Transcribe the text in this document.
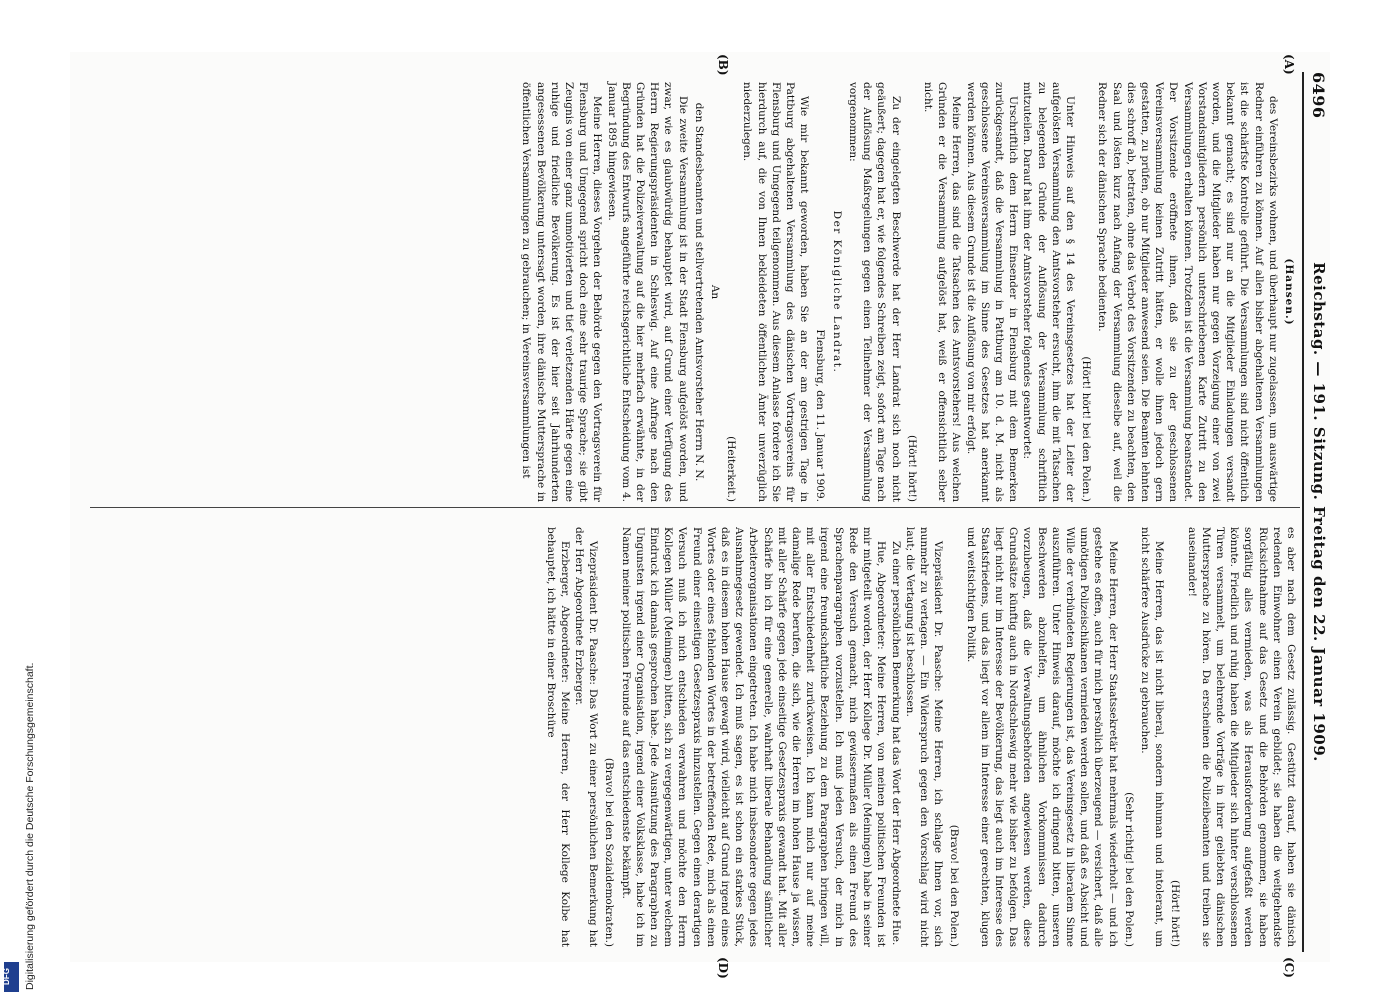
6496
Reichstag. — 191. Sitzung. Freitag den 22. Januar 1909.
(A)
(B)
(C)
(D)

(Hansen.)

des Vereinsbezirks wohnen, und überhaupt nur zugelassen, um auswärtige Redner einführen zu können. Auf allen bisher abgehaltenen Versammlungen ist die schärfste Kontrolle geführt. Die Versammlungen sind nicht öffentlich bekannt gemacht; es sind nur an die Mitglieder Einladungen versandt worden, und die Mitglieder haben nur gegen Vorzeigung einer von zwei Vorstandsmitgliedern persönlich unterschriebenen Karte Zutritt zu den Versammlungen erhalten können. Trotzdem ist die Versammlung beanstandet. Der Vorsitzende eröffnete ihnen, daß sie zu der geschlossenen Vereinsversammlung keinen Zutritt hätten, er wolle ihnen jedoch gern gestatten, zu prüfen, ob nur Mitglieder anwesend seien. Die Beamten lehnten dies schroff ab, betraten, ohne das Verbot des Vorsitzenden zu beachten, den Saal und lösten kurz nach Anfang der Versammlung dieselbe auf, weil die Redner sich der dänischen Sprache bedienten.

(Hört! hört! bei den Polen.)

Unter Hinweis auf den § 14 des Vereinsgesetzes hat der Leiter der aufgelösten Versammlung den Amtsvorsteher ersucht, ihm die mit Tatsachen zu belegenden Gründe der Auflösung der Versammlung schriftlich mitzuteilen. Darauf hat ihm der Amtsvorsteher folgendes geantwortet:

Urschriftlich dem Herrn Einsender in Flensburg mit dem Bemerken zurückgesandt, daß die Versammlung in Pattburg am 10. d. M. nicht als geschlossene Vereinsversammlung im Sinne des Gesetzes hat anerkannt werden können. Aus diesem Grunde ist die Auflösung von mir erfolgt.

Meine Herren, das sind die Tatsachen des Amtsvorstehers! Aus welchen Gründen er die Versammlung aufgelöst hat, weiß er offensichtlich selber nicht.

(Hört! hört!)

Zu der eingelegten Beschwerde hat der Herr Landrat sich noch nicht geäußert; dagegen hat er, wie folgendes Schreiben zeigt, sofort am Tage nach der Auflösung Maßregelungen gegen einen Teilnehmer der Versammlung vorgenommen:

Der Königliche Landrat.

Flensburg, den 11. Januar 1909.

Wie mir bekannt geworden, haben Sie an der am gestrigen Tage in Pattburg abgehaltenen Versammlung des dänischen Vortragsvereins für Flensburg und Umgegend teilgenommen. Aus diesem Anlasse fordere ich Sie hierdurch auf, die von Ihnen bekleideten öffentlichen Ämter unverzüglich niederzulegen.

(Heiterkeit.)

An

den Standesbeamten und stellvertretenden Amtsvorsteher Herrn N. N.

Die zweite Versammlung ist in der Stadt Flensburg aufgelöst worden, und zwar, wie es glaubwürdig behauptet wird, auf Grund einer Verfügung des Herrn Regierungspräsidenten in Schleswig. Auf eine Anfrage nach den Gründen hat die Polizeiverwaltung auf die hier mehrfach erwähnte, in der Begründung des Entwurfs angeführte reichsgerichtliche Entscheidung vom 4. Januar 1895 hingewiesen.

Meine Herren, dieses Vorgehen der Behörde gegen den Vortragsverein für Flensburg und Umgegend spricht doch eine sehr traurige Sprache; sie gibt Zeugnis von einer ganz unmotivierten und tief verletzenden Härte gegen eine ruhige und friedliche Bevölkerung. Es ist der hier seit Jahrhunderten angesessenen Bevölkerung untersagt worden, ihre dänische Muttersprache in öffentlichen Versammlungen zu gebrauchen; in Vereinsversammlungen ist

es aber nach dem Gesetz zulässig. Gestützt darauf, haben sie dänisch redenden Einwohner einen Verein gebildet; sie haben die weitgehendste Rücksichtnahme auf das Gesetz und die Behörden genommen, sie haben sorgfältig alles vermieden, was als Herausforderung aufgefaßt werden könnte. Friedlich und ruhig haben die Mitglieder sich hinter verschlossenen Türen versammelt, um belehrende Vorträge in ihrer geliebten dänischen Muttersprache zu hören. Da erscheinen die Polizeibeamten und treiben sie auseinander!

(Hört! hört!)

Meine Herren, das ist nicht liberal, sondern inhuman und intolerant, um nicht schärfere Ausdrücke zu gebrauchen.

(Sehr richtig! bei den Polen.)

Meine Herren, der Herr Staatssekretär hat mehrmals wiederholt — und ich gestehe es offen, auch für mich persönlich überzeugend — versichert, daß alle unnötigen Polizeischikanen vermieden werden sollen, und daß es Absicht und Wille der verbündeten Regierungen ist, das Vereinsgesetz in liberalem Sinne auszuführen. Unter Hinweis darauf, möchte ich dringend bitten, unseren Beschwerden abzuhelfen, um ähnlichen Vorkommnissen dadurch vorzubeugen, daß die Verwaltungsbehörden angewiesen werden, diese Grundsätze künftig auch in Nordschleswig mehr wie bisher zu befolgen. Das liegt nicht nur im Interesse der Bevölkerung, das liegt auch im Interesse des Staatsfriedens, und das liegt vor allem im Interesse einer gerechten, klugen und weitsichtigen Politik.

(Bravo! bei den Polen.)

Vizepräsident Dr. Paasche: Meine Herren, ich schlage Ihnen vor, sich nunmehr zu vertagen. — Ein Widerspruch gegen den Vorschlag wird nicht laut; die Vertagung ist beschlossen.

Zu einer persönlichen Bemerkung hat das Wort der Herr Abgeordnete Hue.

Hue, Abgeordneter: Meine Herren, von meinen politischen Freunden ist mir mitgeteilt worden, der Herr Kollege Dr. Müller (Meiningen) habe in seiner Rede den Versuch gemacht, mich gewissermaßen als einen Freund des Sprachenparagraphen vorzustellen. Ich muß jeden Versuch, der mich in irgend eine freundschaftliche Beziehung zu dem Paragraphen bringen will, mit aller Entschiedenheit zurückweisen. Ich kann mich nur auf meine damalige Rede berufen, die sich, wie die Herren im hohen Hause ja wissen, mit aller Schärfe gegen jede einseitige Gesetzespraxis gewandt hat. Mit aller Schärfe bin ich für eine generelle, wahrhaft liberale Behandlung sämtlicher Arbeiterorganisationen eingetreten. Ich habe mich insbesondere gegen jedes Ausnahmegesetz gewendet. Ich muß sagen, es ist schon ein starkes Stück, daß es in diesem hohen Hause gewagt wird, vielleicht auf Grund irgend eines Wortes oder eines fehlenden Wortes in der betreffenden Rede, mich als einen Freund einer einseitigen Gesetzespraxis hinzustellen. Gegen einen derartigen Versuch muß ich mich entschieden verwahren und möchte den Herrn Kollegen Müller (Meiningen) bitten, sich zu vergegenwärtigen, unter welchem Eindruck ich damals gesprochen habe. Jede Ausnützung des Paragraphen zu Ungunsten irgend einer Organisation, irgend einer Volksklasse, habe ich im Namen meiner politischen Freunde auf das entschiedenste bekämpft.

(Bravo! bei den Sozialdemokraten.)

Vizepräsident Dr. Paasche: Das Wort zu einer persönlichen Bemerkung hat der Herr Abgeordnete Erzberger.

Erzberger, Abgeordneter: Meine Herren, der Herr Kollege Kolbe hat behauptet, ich hätte in einer Broschüre

Digitalisierung gefördert durch die Deutsche Forschungsgemeinschaft.
DFG
